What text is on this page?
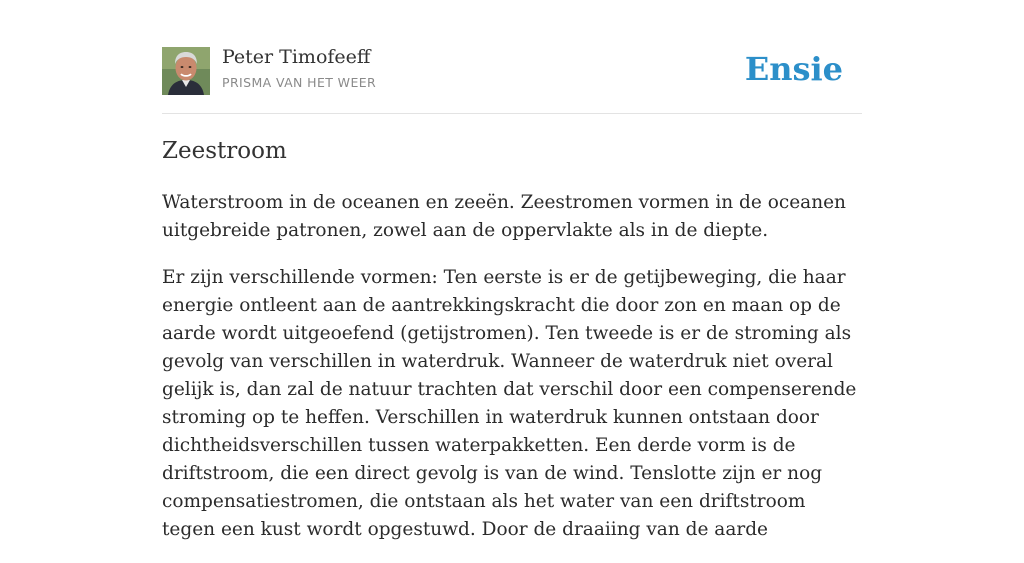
Peter Timofeeff
PRISMA VAN HET WEER	Ensie
Zeestroom

Waterstroom in de oceanen en zeeën. Zeestromen vormen in de oceanen uitgebreide patronen, zowel aan de oppervlakte als in de diepte.

Er zijn verschillende vormen: Ten eerste is er de getijbeweging, die haar energie ontleent aan de aantrekkingskracht die door zon en maan op de aarde wordt uitgeoefend (getijstromen). Ten tweede is er de stroming als gevolg van verschillen in waterdruk. Wanneer de waterdruk niet overal gelijk is, dan zal de natuur trachten dat verschil door een compenserende stroming op te heffen. Verschillen in waterdruk kunnen ontstaan door dichtheidsverschillen tussen waterpakketten. Een derde vorm is de driftstroom, die een direct gevolg is van de wind. Tenslotte zijn er nog compensatiestromen, die ontstaan als het water van een driftstroom tegen een kust wordt opgestuwd. Door de draaiing van de aarde
